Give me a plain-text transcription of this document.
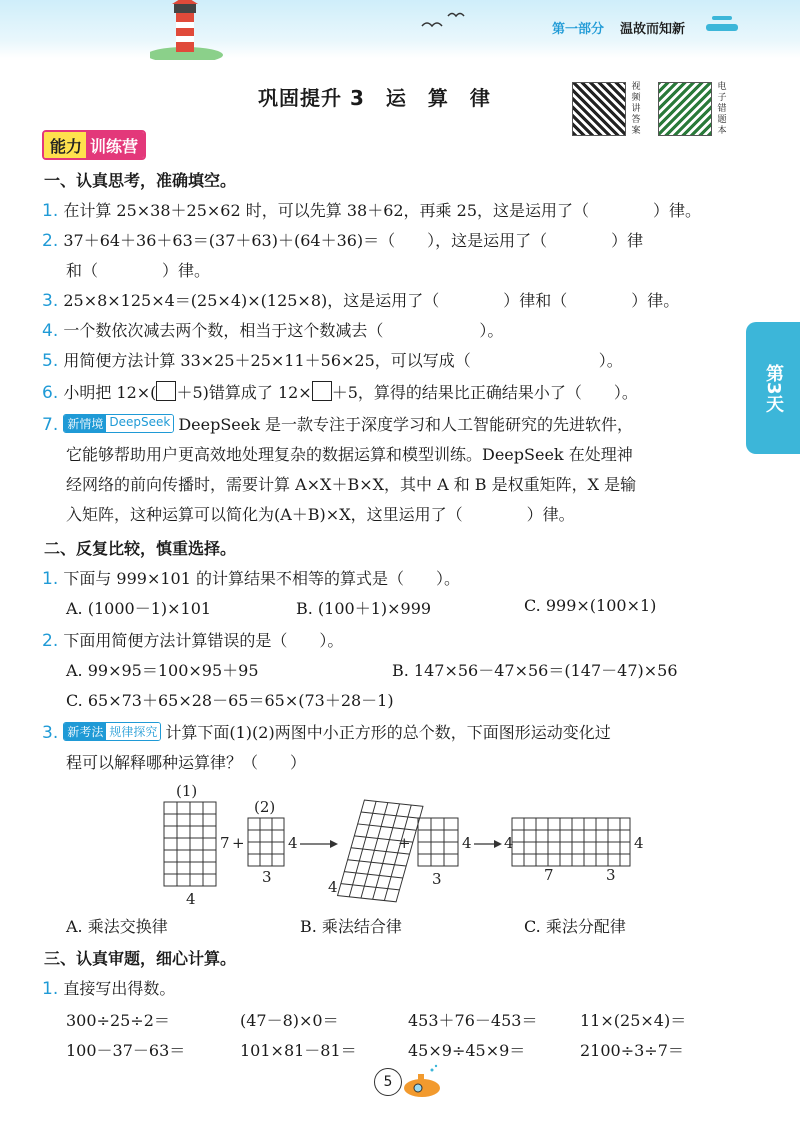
第一部分 温故而知新
巩固提升 3　运　算　律	视频讲答案
电子错题本
能力 训练营
第3天
一、认真思考，准确填空。
1. 在计算 25×38＋25×62 时，可以先算 38＋62，再乘 25，这是运用了（　　　　）律。
2. 37＋64＋36＋63＝(37＋63)＋(64＋36)＝（　　），这是运用了（　　　　）律
和（　　　　）律。
3. 25×8×125×4＝(25×4)×(125×8)，这是运用了（　　　　）律和（　　　　）律。
4. 一个数依次减去两个数，相当于这个数减去（　　　　　　）。
5. 用简便方法计算 33×25＋25×11＋56×25，可以写成（　　　　　　　　）。
6. 小明把 12×( ＋5)错算成了 12× ＋5，算得的结果比正确结果小了（　　）。
7. 新情境 DeepSeek DeepSeek 是一款专注于深度学习和人工智能研究的先进软件，
它能够帮助用户更高效地处理复杂的数据运算和模型训练。DeepSeek 在处理神
经网络的前向传播时，需要计算 A×X＋B×X，其中 A 和 B 是权重矩阵，X 是输
入矩阵，这种运算可以简化为(A＋B)×X，这里运用了（　　　　）律。
二、反复比较，慎重选择。
1. 下面与 999×101 的计算结果不相等的算式是（　　）。
A. (1000－1)×101	B. (100＋1)×999	C. 999×(100×1)
2. 下面用简便方法计算错误的是（　　）。
A. 99×95＝100×95＋95	B. 147×56－47×56＝(147－47)×56
C. 65×73＋65×28－65＝65×(73＋28－1)
3. 新考法 规律探究 计算下面(1)(2)两图中小正方形的总个数，下面图形运动变化过
程可以解释哪种运算律？（　　）
(1)
7
4
+
(2)
4
3
4
+	4
3
4	4
7	3
A. 乘法交换律	B. 乘法结合律	C. 乘法分配律
三、认真审题，细心计算。
1. 直接写出得数。
300÷25÷2＝	(47－8)×0＝	453＋76－453＝	11×(25×4)＝
100－37－63＝	101×81－81＝	45×9÷45×9＝	2100÷3÷7＝
5
